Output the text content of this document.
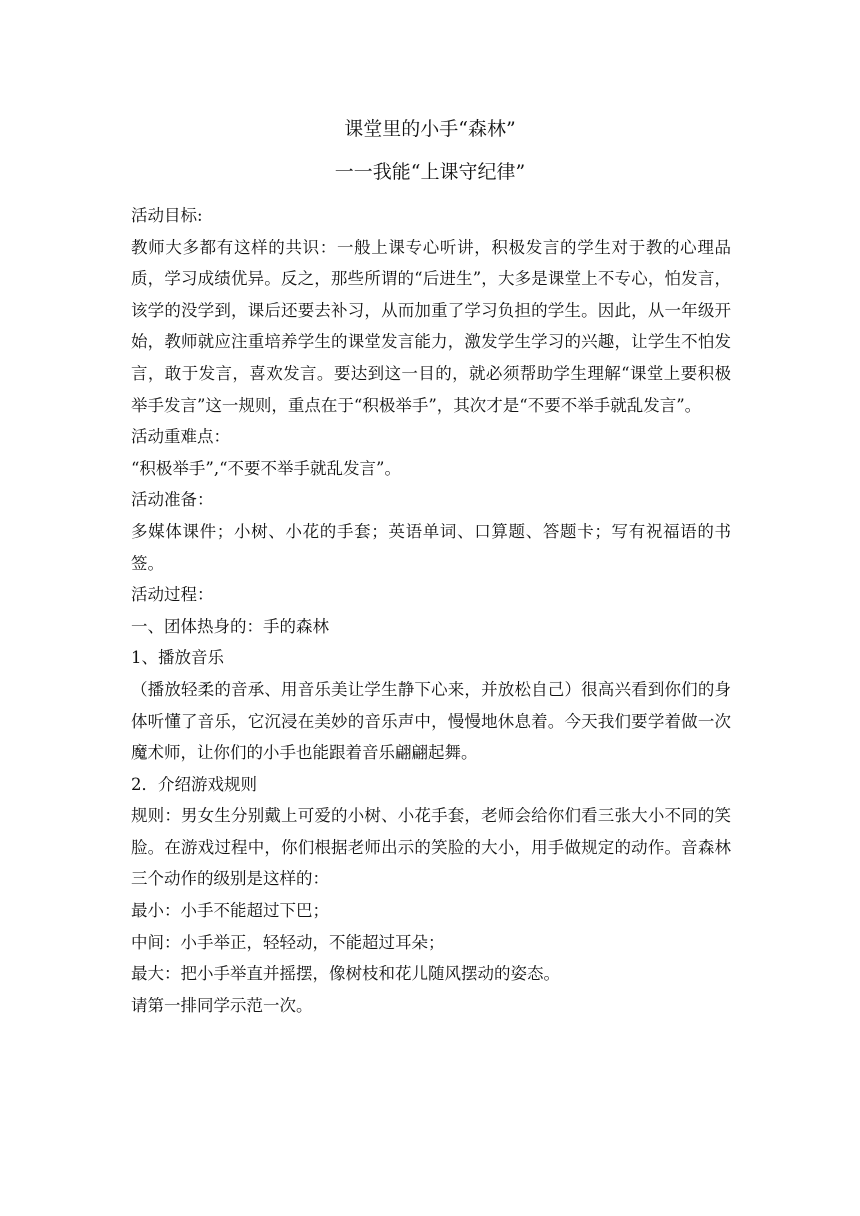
课堂里的小手“森林”
一一我能“上课守纪律”

活动目标:

教师大多都有这样的共识：一般上课专心听讲，积极发言的学生对于教的心理品质，学习成绩优异。反之，那些所谓的“后进生”，大多是课堂上不专心，怕发言，该学的没学到，课后还要去补习，从而加重了学习负担的学生。因此，从一年级开始，教师就应注重培养学生的课堂发言能力，激发学生学习的兴趣，让学生不怕发言，敢于发言，喜欢发言。要达到这一目的，就必须帮助学生理解“课堂上要积极举手发言”这一规则，重点在于“积极举手”，其次才是“不要不举手就乱发言”。

活动重难点：

“积极举手”,“不要不举手就乱发言”。

活动准备：

多媒体课件；小树、小花的手套；英语单词、口算题、答题卡；写有祝福语的书签。

活动过程：

一、团体热身的：手的森林

1、播放音乐

（播放轻柔的音承、用音乐美让学生静下心来，并放松自己）很高兴看到你们的身体听懂了音乐，它沉浸在美妙的音乐声中，慢慢地休息着。今天我们要学着做一次魔术师，让你们的小手也能跟着音乐翩翩起舞。

2．介绍游戏规则

规则：男女生分别戴上可爱的小树、小花手套，老师会给你们看三张大小不同的笑脸。在游戏过程中，你们根据老师出示的笑脸的大小，用手做规定的动作。音森林　三个动作的级别是这样的：

最小：小手不能超过下巴；

中间：小手举正，轻轻动，不能超过耳朵；

最大：把小手举直并摇摆，像树枝和花儿随风摆动的姿态。

请第一排同学示范一次。
